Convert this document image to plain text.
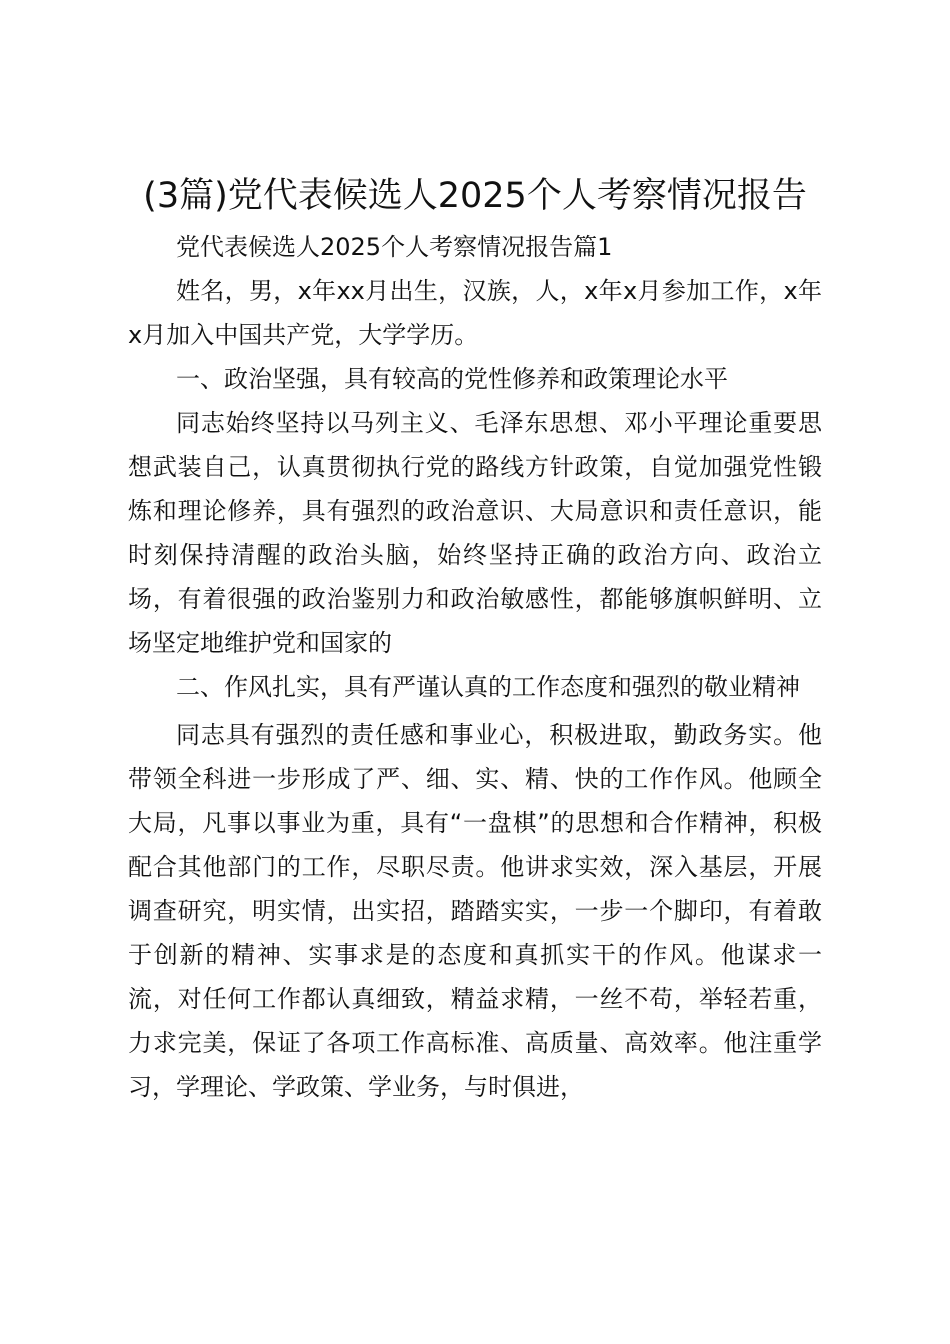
(3篇)党代表候选人2025个人考察情况报告

党代表候选人2025个人考察情况报告篇1

姓名，男，x年xx月出生，汉族，人，x年x月参加工作，x年x月加入中国共产党，大学学历。

一、政治坚强，具有较高的党性修养和政策理论水平

同志始终坚持以马列主义、毛泽东思想、邓小平理论重要思想武装自己，认真贯彻执行党的路线方针政策，自觉加强党性锻炼和理论修养，具有强烈的政治意识、大局意识和责任意识，能时刻保持清醒的政治头脑，始终坚持正确的政治方向、政治立场，有着很强的政治鉴别力和政治敏感性，都能够旗帜鲜明、立场坚定地维护党和国家的

二、作风扎实，具有严谨认真的工作态度和强烈的敬业精神

同志具有强烈的责任感和事业心，积极进取，勤政务实。他带领全科进一步形成了严、细、实、精、快的工作作风。他顾全大局，凡事以事业为重，具有“一盘棋”的思想和合作精神，积极配合其他部门的工作，尽职尽责。他讲求实效，深入基层，开展调查研究，明实情，出实招，踏踏实实，一步一个脚印，有着敢于创新的精神、实事求是的态度和真抓实干的作风。他谋求一流，对任何工作都认真细致，精益求精，一丝不苟，举轻若重，力求完美，保证了各项工作高标准、高质量、高效率。他注重学习，学理论、学政策、学业务，与时俱进，
